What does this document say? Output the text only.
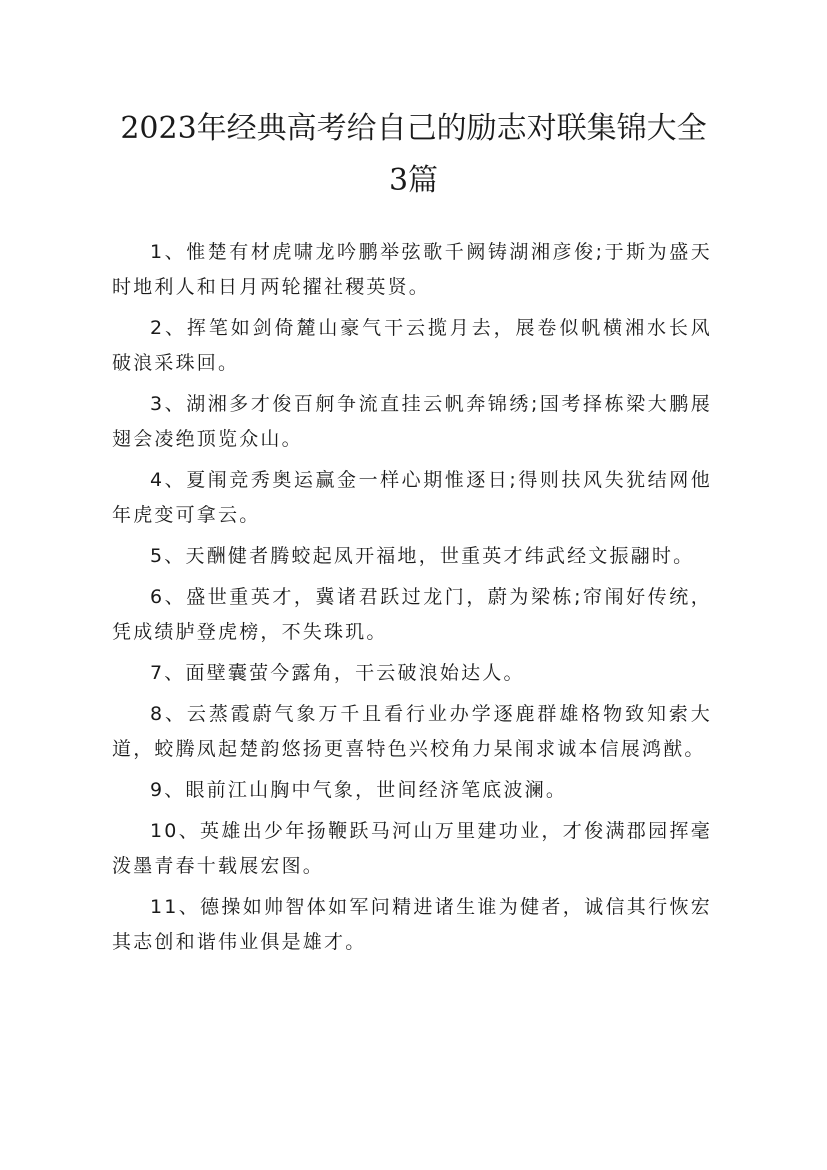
2023年经典高考给自己的励志对联集锦大全3篇

1、惟楚有材虎啸龙吟鹏举弦歌千阙铸湖湘彦俊;于斯为盛天时地利人和日月两轮擢社稷英贤。

2、挥笔如剑倚麓山豪气干云揽月去，展卷似帆横湘水长风破浪采珠回。

3、湖湘多才俊百舸争流直挂云帆奔锦绣;国考择栋梁大鹏展翅会凌绝顶览众山。

4、夏闱竞秀奥运赢金一样心期惟逐日;得则扶风失犹结网他年虎变可拿云。

5、天酬健者腾蛟起凤开福地，世重英才纬武经文振翮时。

6、盛世重英才，冀诸君跃过龙门，蔚为梁栋;帘闱好传统，凭成绩胪登虎榜，不失珠玑。

7、面壁囊萤今露角，干云破浪始达人。

8、云蒸霞蔚气象万千且看行业办学逐鹿群雄格物致知索大道，蛟腾凤起楚韵悠扬更喜特色兴校角力杲闱求诚本信展鸿猷。

9、眼前江山胸中气象，世间经济笔底波澜。

10、英雄出少年扬鞭跃马河山万里建功业，才俊满郡园挥毫泼墨青春十载展宏图。

11、德操如帅智体如军问精进诸生谁为健者，诚信其行恢宏其志创和谐伟业俱是雄才。
